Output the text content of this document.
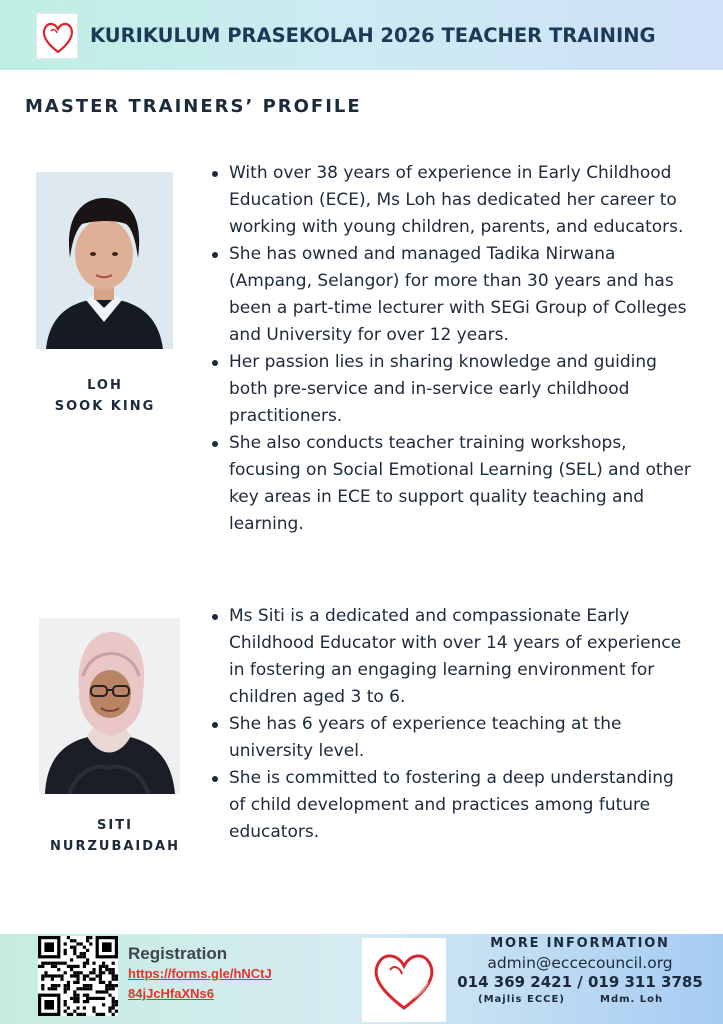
KURIKULUM PRASEKOLAH 2026 TEACHER TRAINING
MASTER TRAINERS’ PROFILE
LOH
SOOK KING
With over 38 years of experience in Early Childhood Education (ECE), Ms Loh has dedicated her career to working with young children, parents, and educators.
She has owned and managed Tadika Nirwana (Ampang, Selangor) for more than 30 years and has been a part-time lecturer with SEGi Group of Colleges and University for over 12 years.
Her passion lies in sharing knowledge and guiding both pre-service and in-service early childhood practitioners.
She also conducts teacher training workshops, focusing on Social Emotional Learning (SEL) and other key areas in ECE to support quality teaching and learning.
SITI
NURZUBAIDAH
Ms Siti is a dedicated and compassionate Early Childhood Educator with over 14 years of experience in fostering an engaging learning environment for children aged 3 to 6.
She has 6 years of experience teaching at the university level.
She is committed to fostering a deep understanding of child development and practices among future educators.
Registration
https://forms.gle/hNCtJ84jJcHfaXNs6
MORE INFORMATION
admin@eccecouncil.org
014 369 2421 / 019 311 3785
(Majlis ECCE)	Mdm. Loh
